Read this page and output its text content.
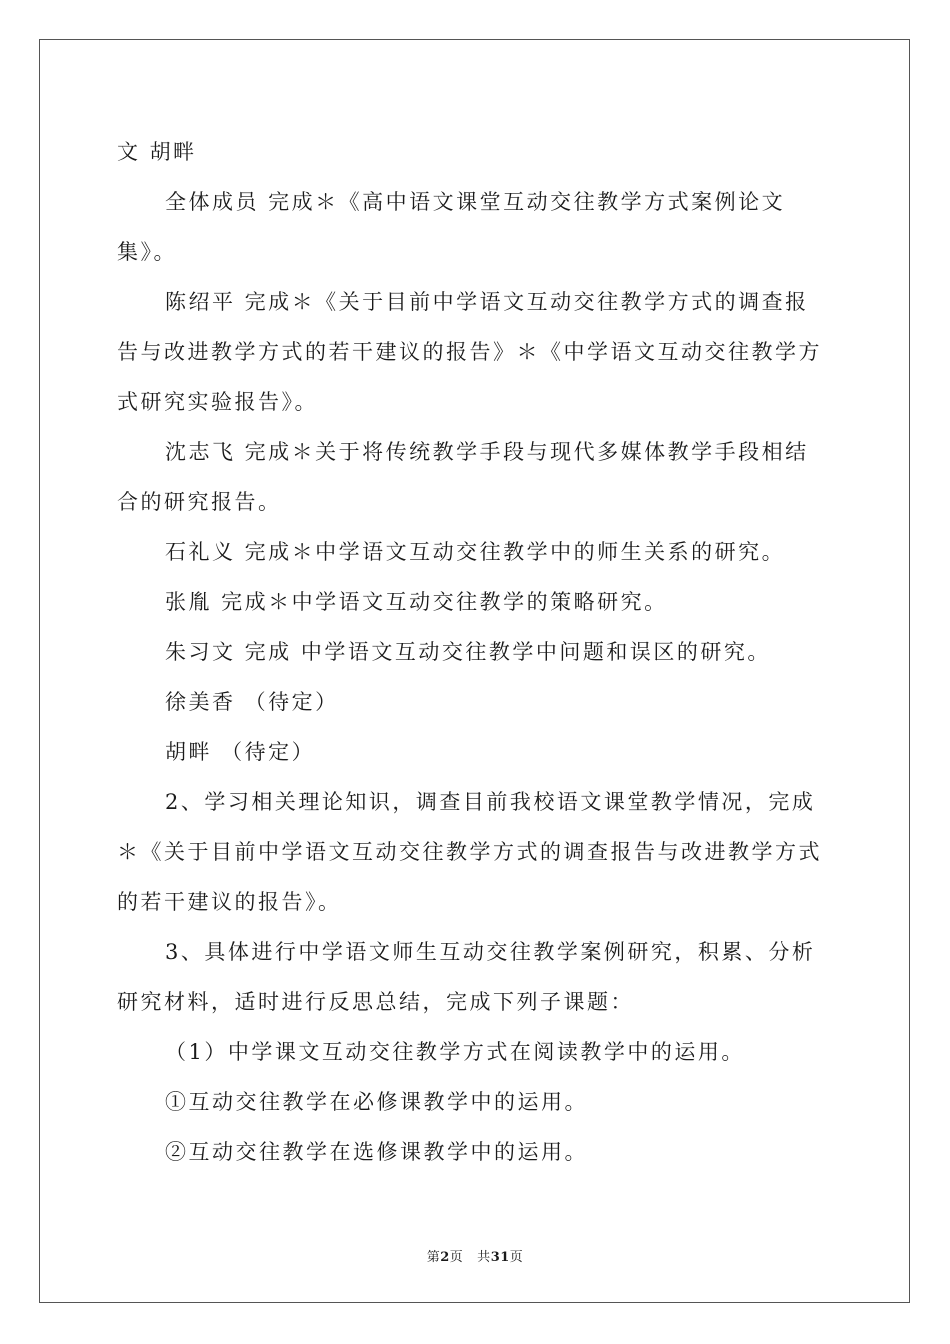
文 胡畔

全体成员 完成＊《高中语文课堂互动交往教学方式案例论文

集》。

陈绍平 完成＊《关于目前中学语文互动交往教学方式的调查报

告与改进教学方式的若干建议的报告》＊《中学语文互动交往教学方

式研究实验报告》。

沈志飞 完成＊关于将传统教学手段与现代多媒体教学手段相结

合的研究报告。

石礼义 完成＊中学语文互动交往教学中的师生关系的研究。

张胤 完成＊中学语文互动交往教学的策略研究。

朱习文 完成 中学语文互动交往教学中问题和误区的研究。

徐美香 （待定）

胡畔 （待定）

2、学习相关理论知识，调查目前我校语文课堂教学情况，完成

＊《关于目前中学语文互动交往教学方式的调查报告与改进教学方式

的若干建议的报告》。

3、具体进行中学语文师生互动交往教学案例研究，积累、分析

研究材料，适时进行反思总结，完成下列子课题：

（1）中学课文互动交往教学方式在阅读教学中的运用。

①互动交往教学在必修课教学中的运用。

②互动交往教学在选修课教学中的运用。

第2页 共31页
